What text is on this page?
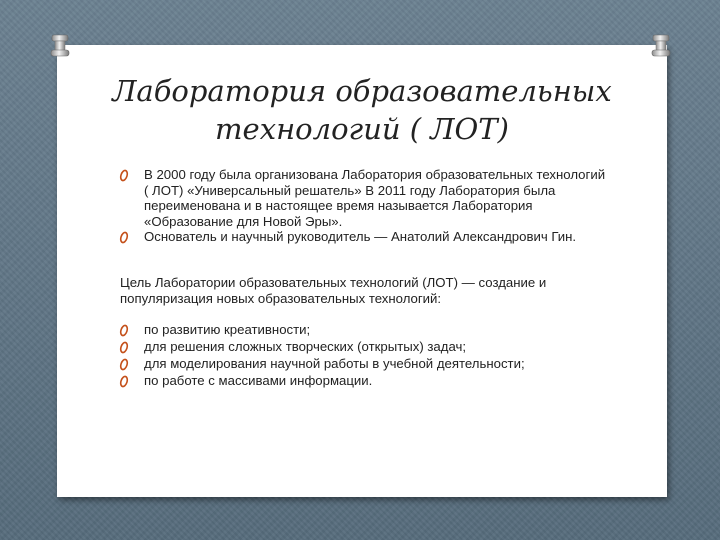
Лаборатория образовательных
технологий ( ЛОТ)
В 2000 году была организована Лаборатория образовательных технологий ( ЛОТ) «Универсальный решатель» В 2011 году Лаборатория была переименована и в настоящее время называется Лаборатория «Образование для Новой Эры».
Основатель и научный руководитель — Анатолий Александрович Гин.

Цель Лаборатории образовательных технологий (ЛОТ) — создание и популяризация новых образовательных технологий:

по развитию креативности;
для решения сложных творческих (открытых) задач;
для моделирования научной работы в учебной деятельности;
по работе с массивами информации.
